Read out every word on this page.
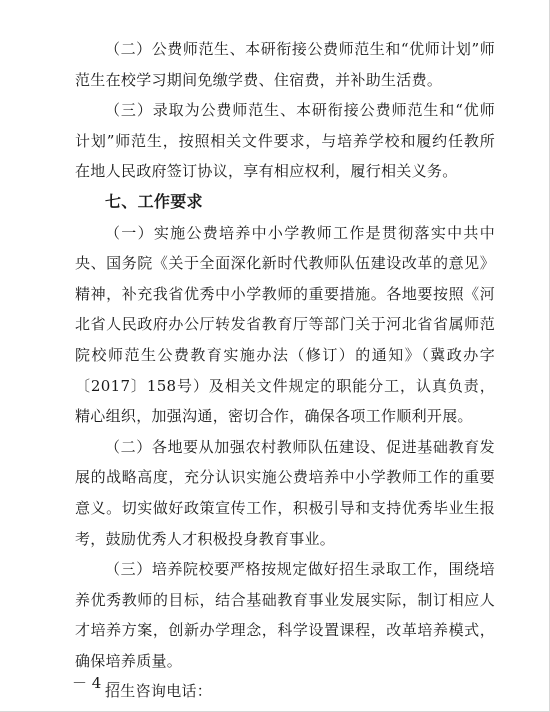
（二）公费师范生、本研衔接公费师范生和“优师计划”师范生在校学习期间免缴学费、住宿费，并补助生活费。

（三）录取为公费师范生、本研衔接公费师范生和“优师计划”师范生，按照相关文件要求，与培养学校和履约任教所在地人民政府签订协议，享有相应权利，履行相关义务。

七、工作要求

（一）实施公费培养中小学教师工作是贯彻落实中共中央、国务院《关于全面深化新时代教师队伍建设改革的意见》精神，补充我省优秀中小学教师的重要措施。各地要按照《河北省人民政府办公厅转发省教育厅等部门关于河北省省属师范院校师范生公费教育实施办法（修订）的通知》（冀政办字〔2017〕158号）及相关文件规定的职能分工，认真负责，精心组织，加强沟通，密切合作，确保各项工作顺利开展。

（二）各地要从加强农村教师队伍建设、促进基础教育发展的战略高度，充分认识实施公费培养中小学教师工作的重要意义。切实做好政策宣传工作，积极引导和支持优秀毕业生报考，鼓励优秀人才积极投身教育事业。

（三）培养院校要严格按规定做好招生录取工作，围绕培养优秀教师的目标，结合基础教育事业发展实际，制订相应人才培养方案，创新办学理念，科学设置课程，改革培养模式，确保培养质量。

招生咨询电话：

－ 4 －
